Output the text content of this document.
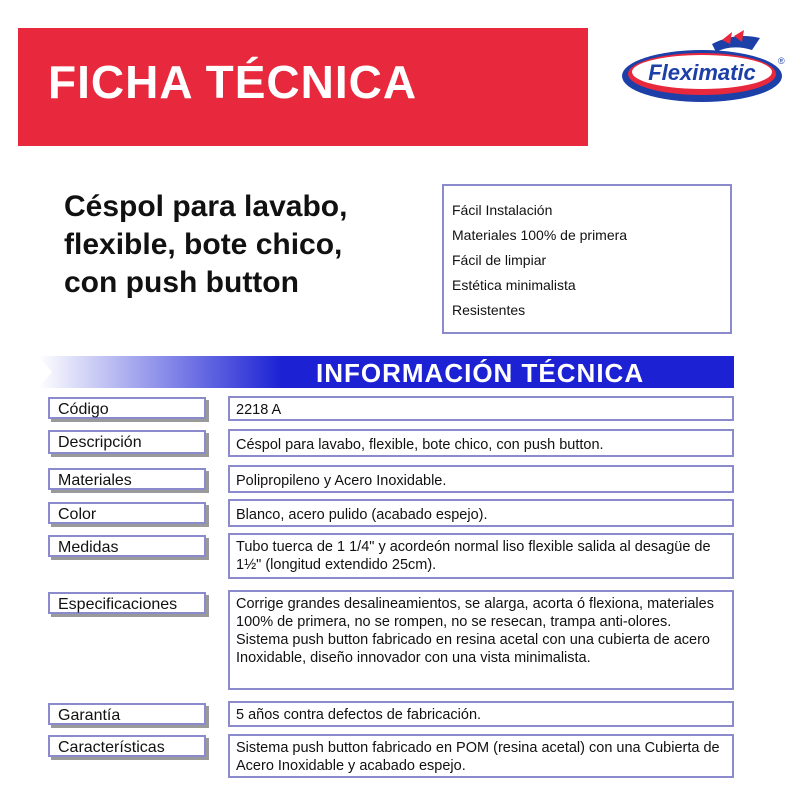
FICHA TÉCNICA	Fleximatic ®
Céspol para lavabo,
flexible, bote chico,
con push button
Fácil Instalación
Materiales 100% de primera
Fácil de limpiar
Estética minimalista
Resistentes
INFORMACIÓN TÉCNICA
Código	2218 A
Descripción	Céspol para lavabo, flexible, bote chico, con push button.
Materiales	Polipropileno y Acero Inoxidable.
Color	Blanco, acero pulido (acabado espejo).
Medidas	Tubo tuerca de 1 1/4" y acordeón normal liso flexible salida al desagüe de 1½" (longitud extendido 25cm).
Especificaciones	Corrige grandes desalineamientos, se alarga, acorta ó flexiona, materiales 100% de primera, no se rompen, no se resecan, trampa anti-olores. Sistema push button fabricado en resina acetal con una cubierta de acero Inoxidable, diseño innovador con una vista minimalista.
Garantía	5 años contra defectos de fabricación.
Características	Sistema push button fabricado en POM (resina acetal) con una Cubierta de Acero Inoxidable y acabado espejo.
